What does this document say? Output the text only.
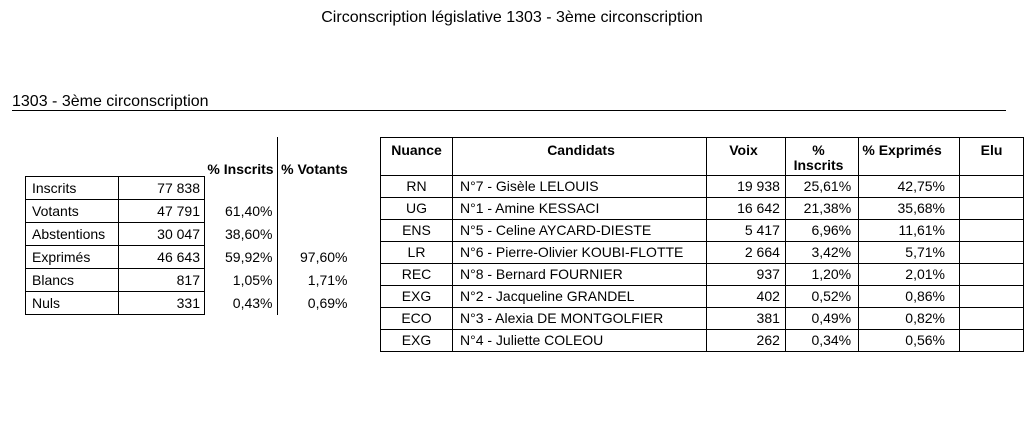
Circonscription législative 1303 - 3ème circonscription
1303 - 3ème circonscription
		% Inscrits	% Votants
Inscrits	77 838		
Votants	47 791	61,40%	
Abstentions	30 047	38,60%	
Exprimés	46 643	59,92%	97,60%
Blancs	817	1,05%	1,71%
Nuls	331	0,43%	0,69%
Nuance	Candidats	Voix	% Inscrits	% Exprimés	Elu
RN	N°7 - Gisèle LELOUIS	19 938	25,61%	42,75%	
UG	N°1 - Amine KESSACI	16 642	21,38%	35,68%	
ENS	N°5 - Celine AYCARD-DIESTE	5 417	6,96%	11,61%	
LR	N°6 - Pierre-Olivier KOUBI-FLOTTE	2 664	3,42%	5,71%	
REC	N°8 - Bernard FOURNIER	937	1,20%	2,01%	
EXG	N°2 - Jacqueline GRANDEL	402	0,52%	0,86%	
ECO	N°3 - Alexia DE MONTGOLFIER	381	0,49%	0,82%	
EXG	N°4 - Juliette COLEOU	262	0,34%	0,56%	
